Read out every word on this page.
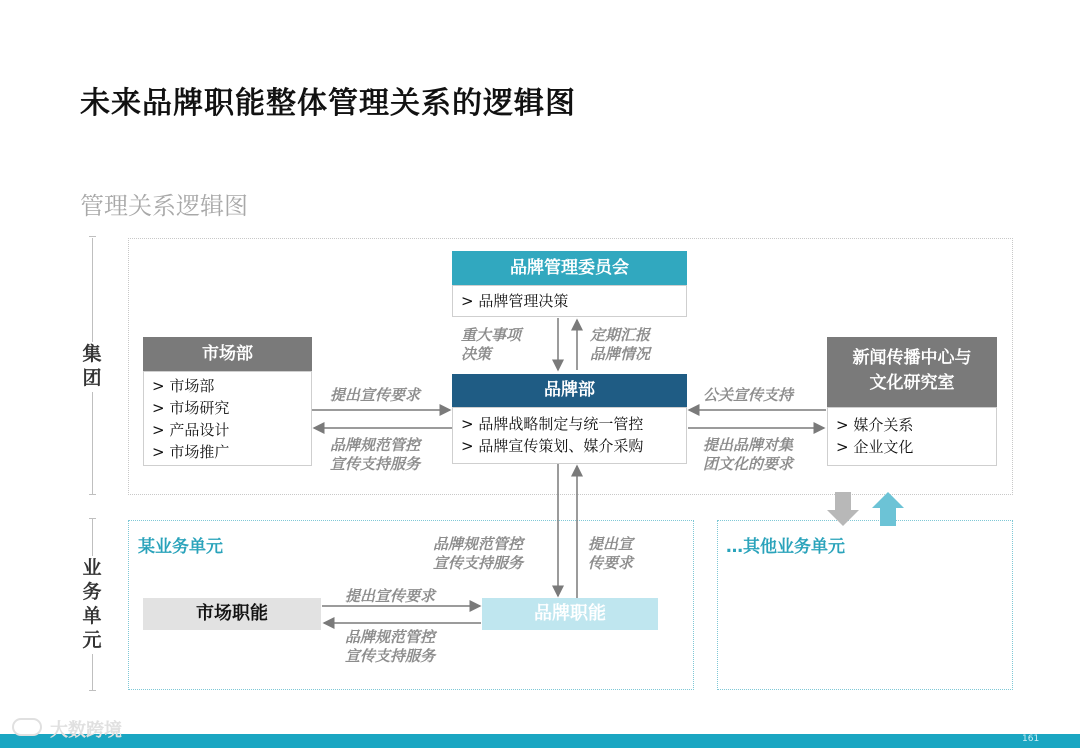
未来品牌职能整体管理关系的逻辑图
管理关系逻辑图
集团
业务单元
品牌管理委员会
> 品牌管理决策
市场部
> 市场部
> 市场研究
> 产品设计
> 市场推广
品牌部
> 品牌战略制定与统一管控
> 品牌宣传策划、媒介采购
新闻传播中心与
文化研究室
> 媒介关系
> 企业文化
重大事项
决策
定期汇报
品牌情况
提出宣传要求
品牌规范管控
宣传支持服务
公关宣传支持
提出品牌对集
团文化的要求
品牌规范管控
宣传支持服务
提出宣
传要求
提出宣传要求
品牌规范管控
宣传支持服务
某业务单元
市场职能	品牌职能
…其他业务单元
大数跨境	161
